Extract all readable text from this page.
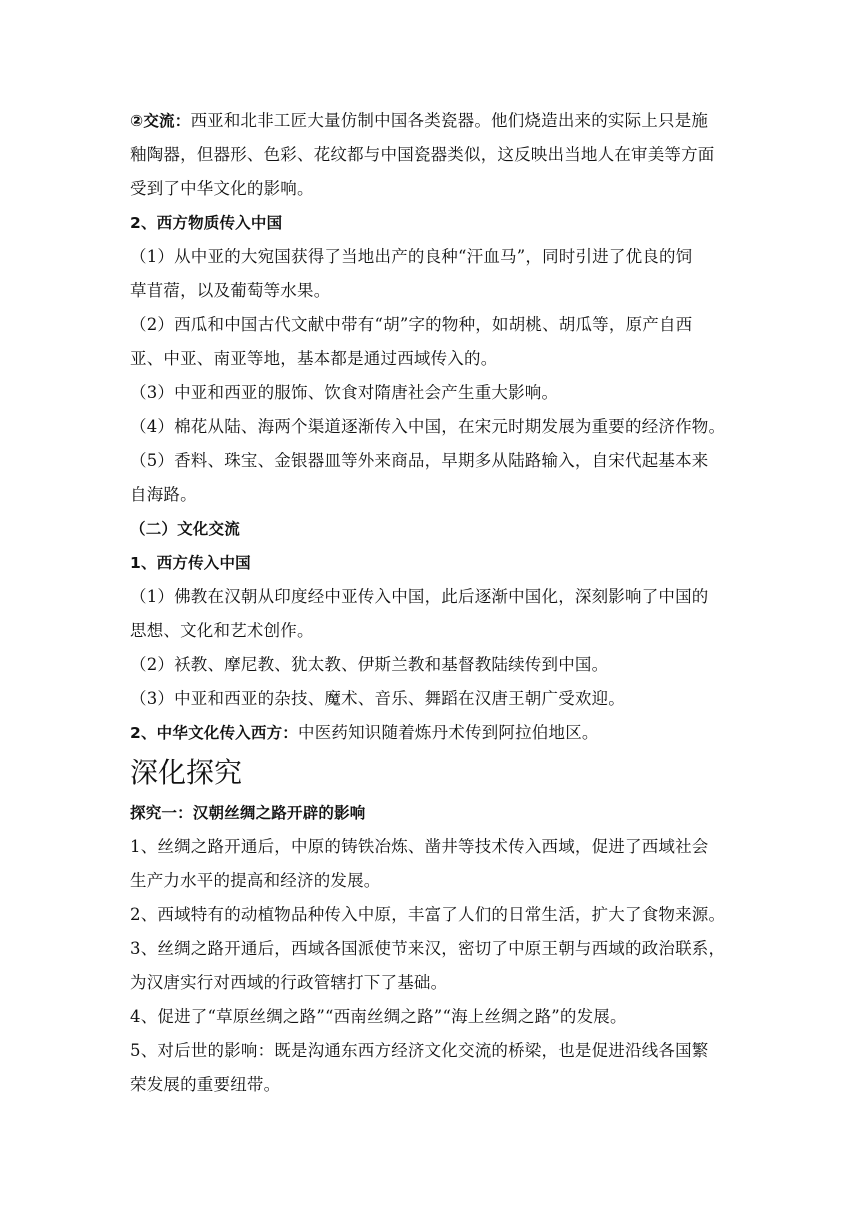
②交流：西亚和北非工匠大量仿制中国各类瓷器。他们烧造出来的实际上只是施
釉陶器，但器形、色彩、花纹都与中国瓷器类似，这反映出当地人在审美等方面
受到了中华文化的影响。
2、西方物质传入中国
（1）从中亚的大宛国获得了当地出产的良种“汗血马”，同时引进了优良的饲
草苜蓿，以及葡萄等水果。
（2）西瓜和中国古代文献中带有“胡”字的物种，如胡桃、胡瓜等，原产自西
亚、中亚、南亚等地，基本都是通过西域传入的。
（3）中亚和西亚的服饰、饮食对隋唐社会产生重大影响。
（4）棉花从陆、海两个渠道逐渐传入中国，在宋元时期发展为重要的经济作物。
（5）香料、珠宝、金银器皿等外来商品，早期多从陆路输入，自宋代起基本来
自海路。
（二）文化交流
1、西方传入中国
（1）佛教在汉朝从印度经中亚传入中国，此后逐渐中国化，深刻影响了中国的
思想、文化和艺术创作。
（2）袄教、摩尼教、犹太教、伊斯兰教和基督教陆续传到中国。
（3）中亚和西亚的杂技、魔术、音乐、舞蹈在汉唐王朝广受欢迎。
2、中华文化传入西方：中医药知识随着炼丹术传到阿拉伯地区。
深化探究
探究一：汉朝丝绸之路开辟的影响
1、丝绸之路开通后，中原的铸铁冶炼、凿井等技术传入西域，促进了西域社会
生产力水平的提高和经济的发展。
2、西域特有的动植物品种传入中原，丰富了人们的日常生活，扩大了食物来源。
3、丝绸之路开通后，西域各国派使节来汉，密切了中原王朝与西域的政治联系，
为汉唐实行对西域的行政管辖打下了基础。
4、促进了“草原丝绸之路”“西南丝绸之路”“海上丝绸之路”的发展。
5、对后世的影响：既是沟通东西方经济文化交流的桥梁，也是促进沿线各国繁
荣发展的重要纽带。
